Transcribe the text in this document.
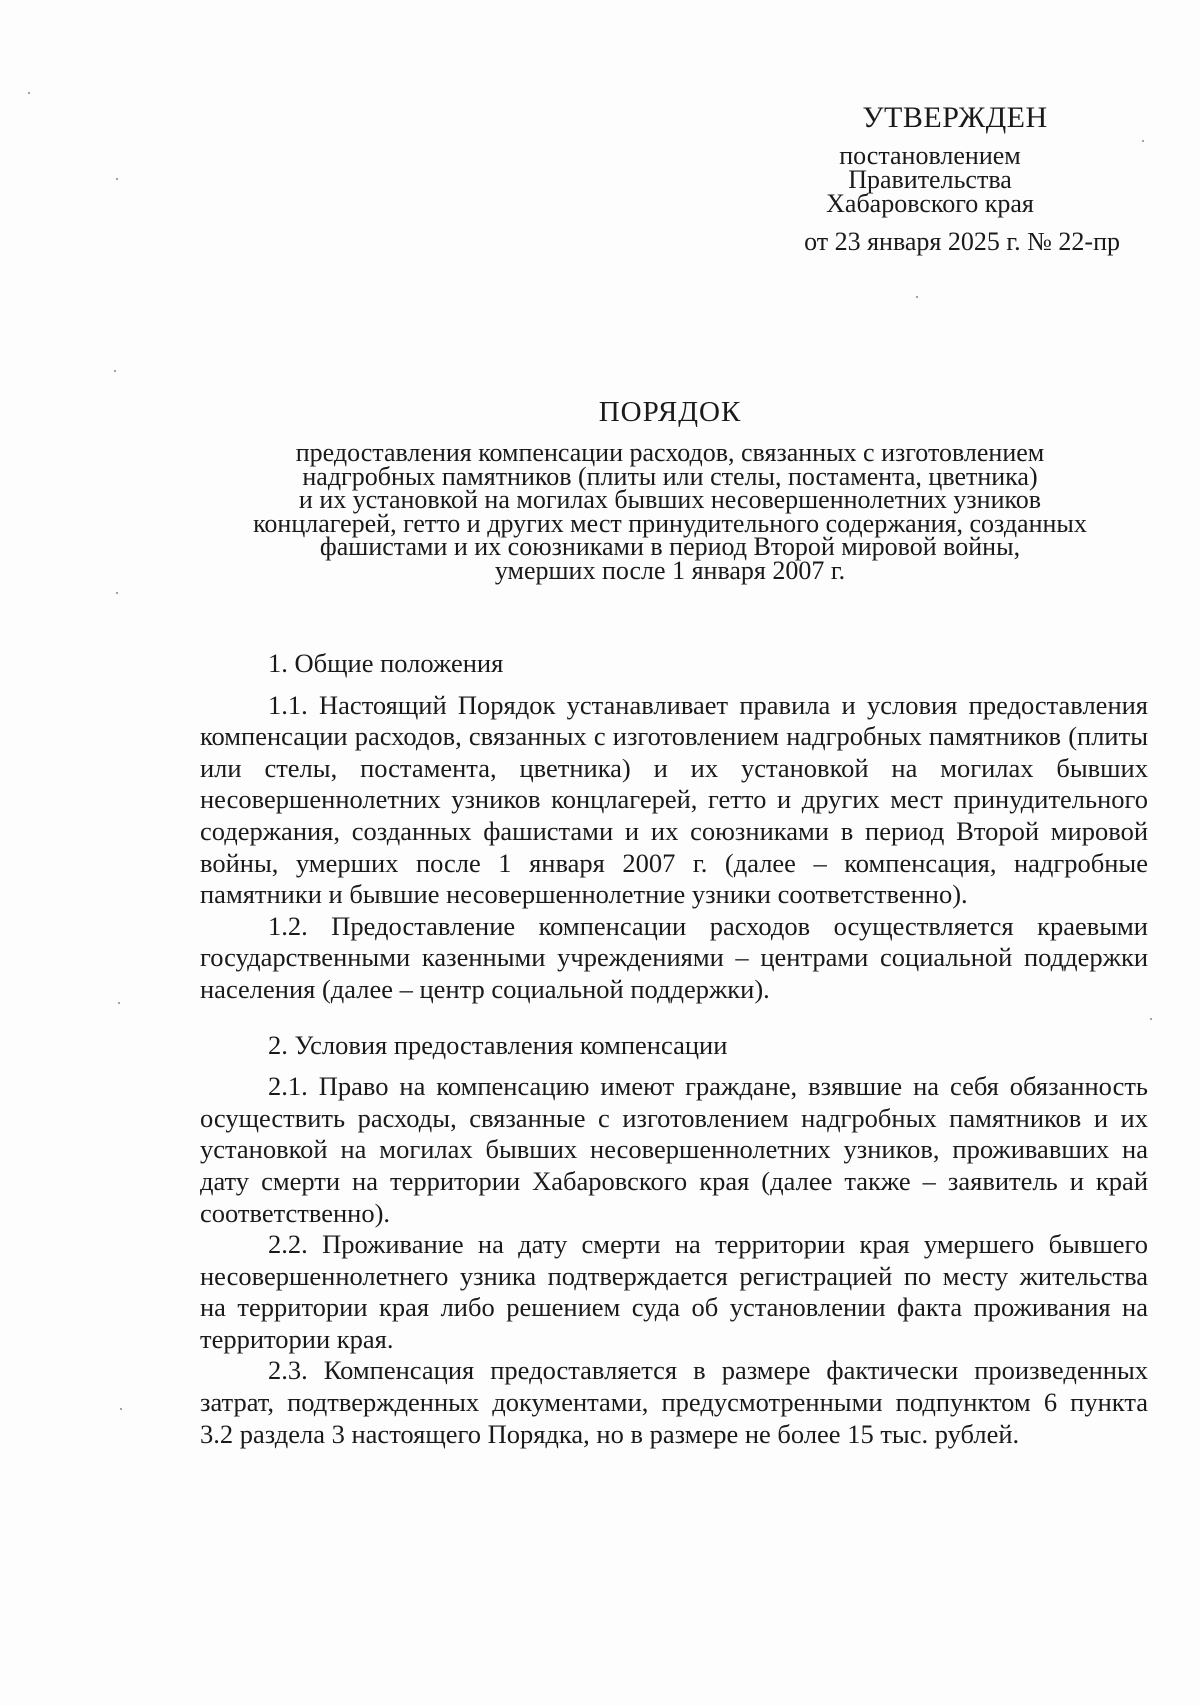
УТВЕРЖДЕН
постановлением
Правительства
Хабаровского края
от 23 января 2025 г. № 22-пр
ПОРЯДОК
предоставления компенсации расходов, связанных с изготовлением
надгробных памятников (плиты или стелы, постамента, цветника)
и их установкой на могилах бывших несовершеннолетних узников
концлагерей, гетто и других мест принудительного содержания, созданных
фашистами и их союзниками в период Второй мировой войны,
умерших после 1 января 2007 г.
1. Общие положения

1.1. Настоящий Порядок устанавливает правила и условия предоставления компенсации расходов, связанных с изготовлением надгробных памятников (плиты или стелы, постамента, цветника) и их установкой на могилах бывших несовершеннолетних узников концлагерей, гетто и других мест принудительного содержания, созданных фашистами и их союзниками в период Второй мировой войны, умерших после 1 января 2007 г. (далее – компенсация, надгробные памятники и бывшие несовершеннолетние узники соответственно).

1.2. Предоставление компенсации расходов осуществляется краевыми государственными казенными учреждениями – центрами социальной поддержки населения (далее – центр социальной поддержки).

2. Условия предоставления компенсации

2.1. Право на компенсацию имеют граждане, взявшие на себя обязанность осуществить расходы, связанные с изготовлением надгробных памятников и их установкой на могилах бывших несовершеннолетних узников, проживавших на дату смерти на территории Хабаровского края (далее также – заявитель и край соответственно).

2.2. Проживание на дату смерти на территории края умершего бывшего несовершеннолетнего узника подтверждается регистрацией по месту жительства на территории края либо решением суда об установлении факта проживания на территории края.

2.3. Компенсация предоставляется в размере фактически произведенных затрат, подтвержденных документами, предусмотренными подпунктом 6 пункта 3.2 раздела 3 настоящего Порядка, но в размере не более 15 тыс. рублей.
